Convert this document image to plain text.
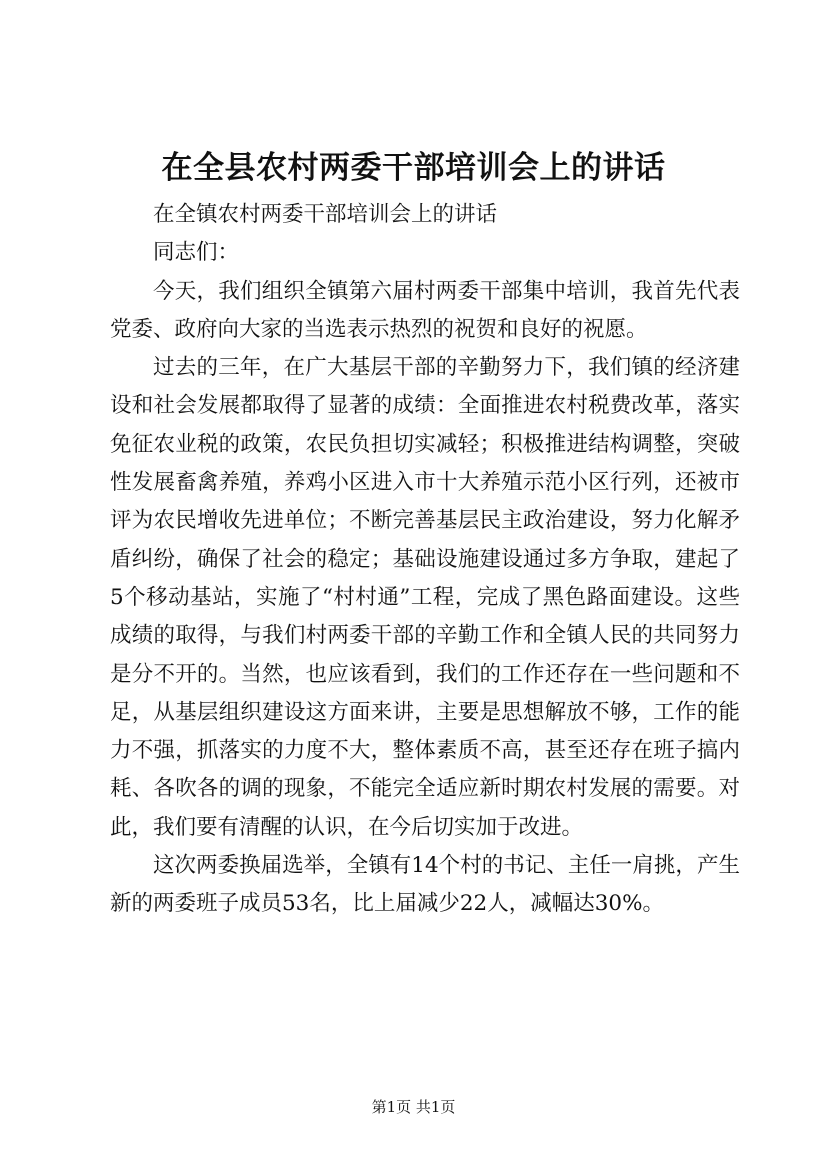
在全县农村两委干部培训会上的讲话

在全镇农村两委干部培训会上的讲话

同志们：

今天，我们组织全镇第六届村两委干部集中培训，我首先代表党委、政府向大家的当选表示热烈的祝贺和良好的祝愿。

过去的三年，在广大基层干部的辛勤努力下，我们镇的经济建设和社会发展都取得了显著的成绩：全面推进农村税费改革，落实免征农业税的政策，农民负担切实减轻；积极推进结构调整，突破性发展畜禽养殖，养鸡小区进入市十大养殖示范小区行列，还被市评为农民增收先进单位；不断完善基层民主政治建设，努力化解矛盾纠纷，确保了社会的稳定；基础设施建设通过多方争取，建起了5个移动基站，实施了“村村通”工程，完成了黑色路面建设。这些成绩的取得，与我们村两委干部的辛勤工作和全镇人民的共同努力是分不开的。当然，也应该看到，我们的工作还存在一些问题和不足，从基层组织建设这方面来讲，主要是思想解放不够，工作的能力不强，抓落实的力度不大，整体素质不高，甚至还存在班子搞内耗、各吹各的调的现象，不能完全适应新时期农村发展的需要。对此，我们要有清醒的认识，在今后切实加于改进。

这次两委换届选举，全镇有14个村的书记、主任一肩挑，产生新的两委班子成员53名，比上届减少22人，减幅达30%。

第1页 共1页
